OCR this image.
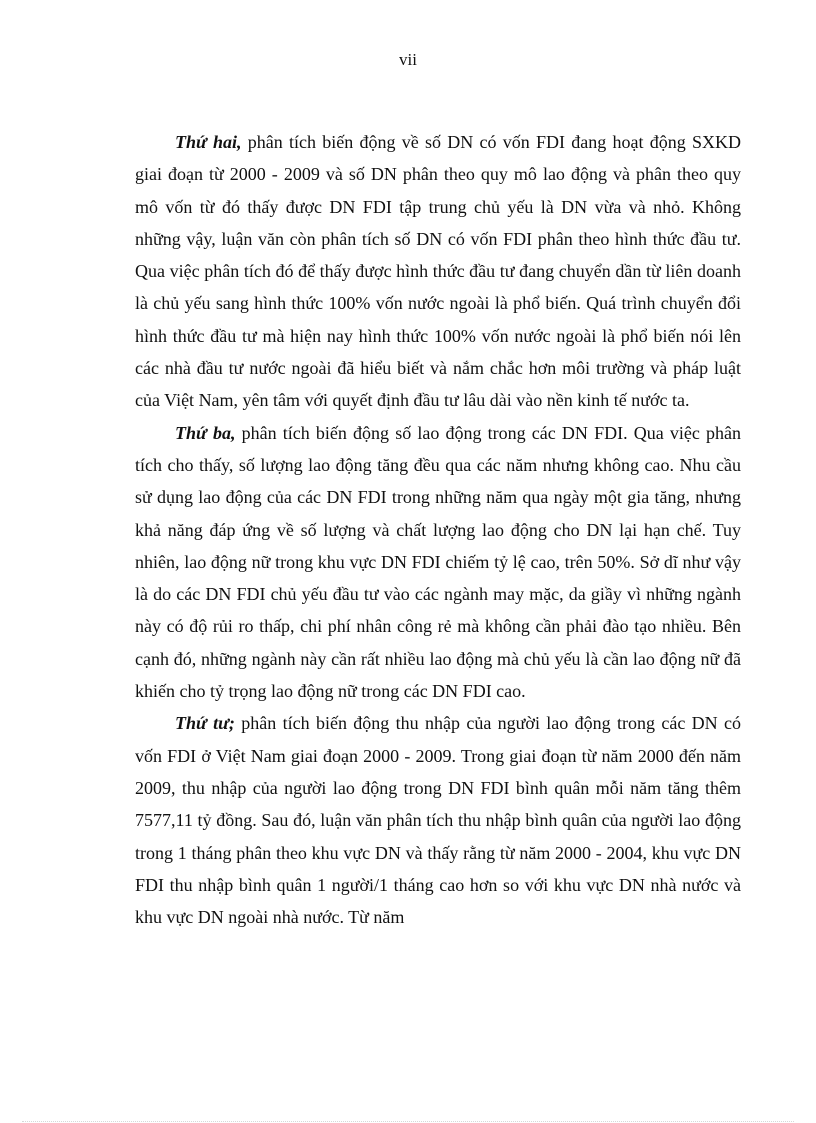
vii

Thứ hai, phân tích biến động về số DN có vốn FDI đang hoạt động SXKD giai đoạn từ 2000 - 2009 và số DN phân theo quy mô lao động và phân theo quy mô vốn từ đó thấy được DN FDI tập trung chủ yếu là DN vừa và nhỏ. Không những vậy, luận văn còn phân tích số DN có vốn FDI phân theo hình thức đầu tư. Qua việc phân tích đó để thấy được hình thức đầu tư đang chuyển dần từ liên doanh là chủ yếu sang hình thức 100% vốn nước ngoài là phổ biến. Quá trình chuyển đổi hình thức đầu tư mà hiện nay hình thức 100% vốn nước ngoài là phổ biến nói lên các nhà đầu tư nước ngoài đã hiểu biết và nắm chắc hơn môi trường và pháp luật của Việt Nam, yên tâm với quyết định đầu tư lâu dài vào nền kinh tế nước ta.

Thứ ba, phân tích biến động số lao động trong các DN FDI. Qua việc phân tích cho thấy, số lượng lao động tăng đều qua các năm nhưng không cao. Nhu cầu sử dụng lao động của các DN FDI trong những năm qua ngày một gia tăng, nhưng khả năng đáp ứng về số lượng và chất lượng lao động cho DN lại hạn chế. Tuy nhiên, lao động nữ trong khu vực DN FDI chiếm tỷ lệ cao, trên 50%. Sở dĩ như vậy là do các DN FDI chủ yếu đầu tư vào các ngành may mặc, da giầy vì những ngành này có độ rủi ro thấp, chi phí nhân công rẻ mà không cần phải đào tạo nhiều. Bên cạnh đó, những ngành này cần rất nhiều lao động mà chủ yếu là cần lao động nữ đã khiến cho tỷ trọng lao động nữ trong các DN FDI cao.

Thứ tư; phân tích biến động thu nhập của người lao động trong các DN có vốn FDI ở Việt Nam giai đoạn 2000 - 2009. Trong giai đoạn từ năm 2000 đến năm 2009, thu nhập của người lao động trong DN FDI bình quân mỗi năm tăng thêm 7577,11 tỷ đồng. Sau đó, luận văn phân tích thu nhập bình quân của người lao động trong 1 tháng phân theo khu vực DN và thấy rằng từ năm 2000 - 2004, khu vực DN FDI thu nhập bình quân 1 người/1 tháng cao hơn so với khu vực DN nhà nước và khu vực DN ngoài nhà nước. Từ năm
